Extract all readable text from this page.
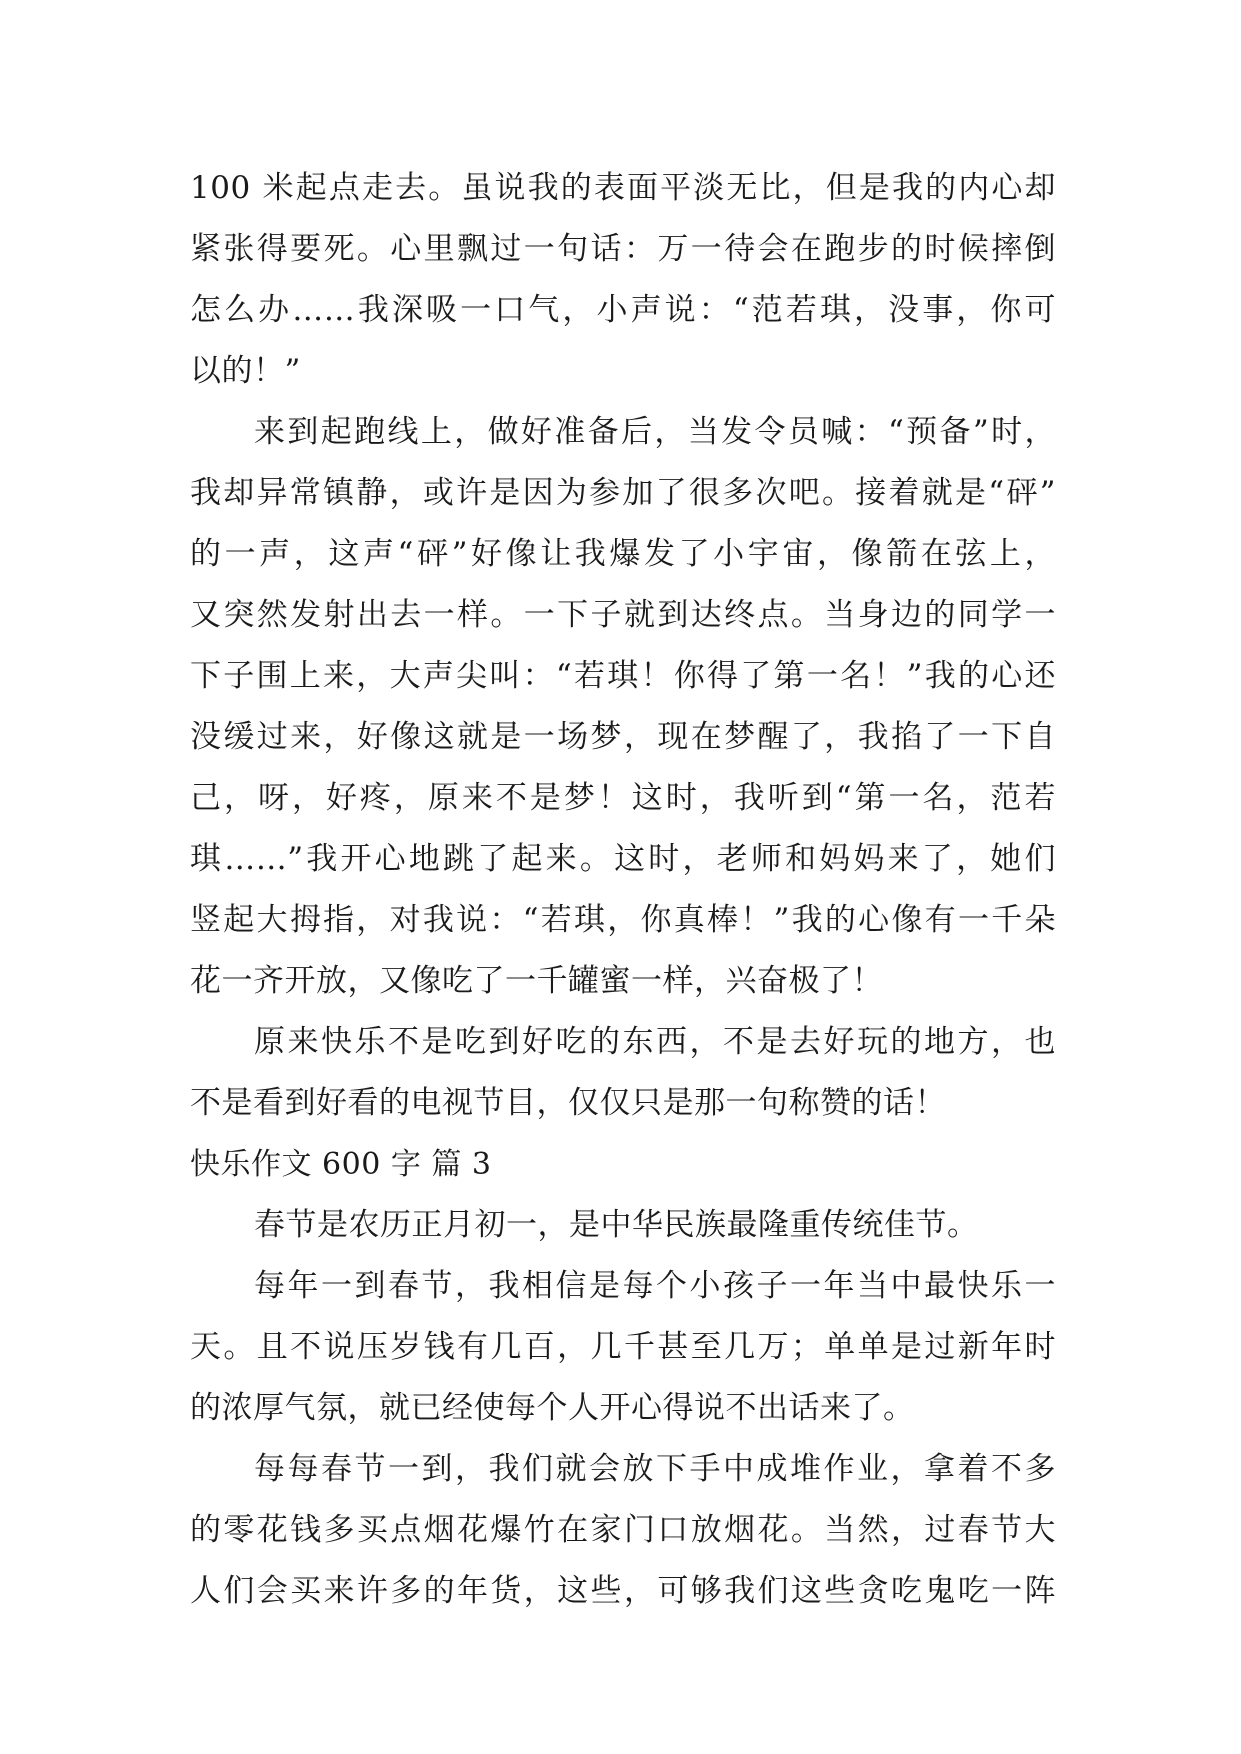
100 米起点走去。虽说我的表面平淡无比，但是我的内心却
紧张得要死。心里飘过一句话：万一待会在跑步的时候摔倒
怎么办……我深吸一口气，小声说：“范若琪，没事，你可
以的！”
来到起跑线上，做好准备后，当发令员喊：“预备”时，
我却异常镇静，或许是因为参加了很多次吧。接着就是“砰”
的一声，这声“砰”好像让我爆发了小宇宙，像箭在弦上，
又突然发射出去一样。一下子就到达终点。当身边的同学一
下子围上来，大声尖叫：“若琪！你得了第一名！”我的心还
没缓过来，好像这就是一场梦，现在梦醒了，我掐了一下自
己，呀，好疼，原来不是梦！这时，我听到“第一名，范若
琪……”我开心地跳了起来。这时，老师和妈妈来了，她们
竖起大拇指，对我说：“若琪，你真棒！”我的心像有一千朵
花一齐开放，又像吃了一千罐蜜一样，兴奋极了！
原来快乐不是吃到好吃的东西，不是去好玩的地方，也
不是看到好看的电视节目，仅仅只是那一句称赞的话！
快乐作文 600 字 篇 3
春节是农历正月初一，是中华民族最隆重传统佳节。
每年一到春节，我相信是每个小孩子一年当中最快乐一
天。且不说压岁钱有几百，几千甚至几万；单单是过新年时
的浓厚气氛，就已经使每个人开心得说不出话来了。
每每春节一到，我们就会放下手中成堆作业，拿着不多
的零花钱多买点烟花爆竹在家门口放烟花。当然，过春节大
人们会买来许多的年货，这些，可够我们这些贪吃鬼吃一阵
